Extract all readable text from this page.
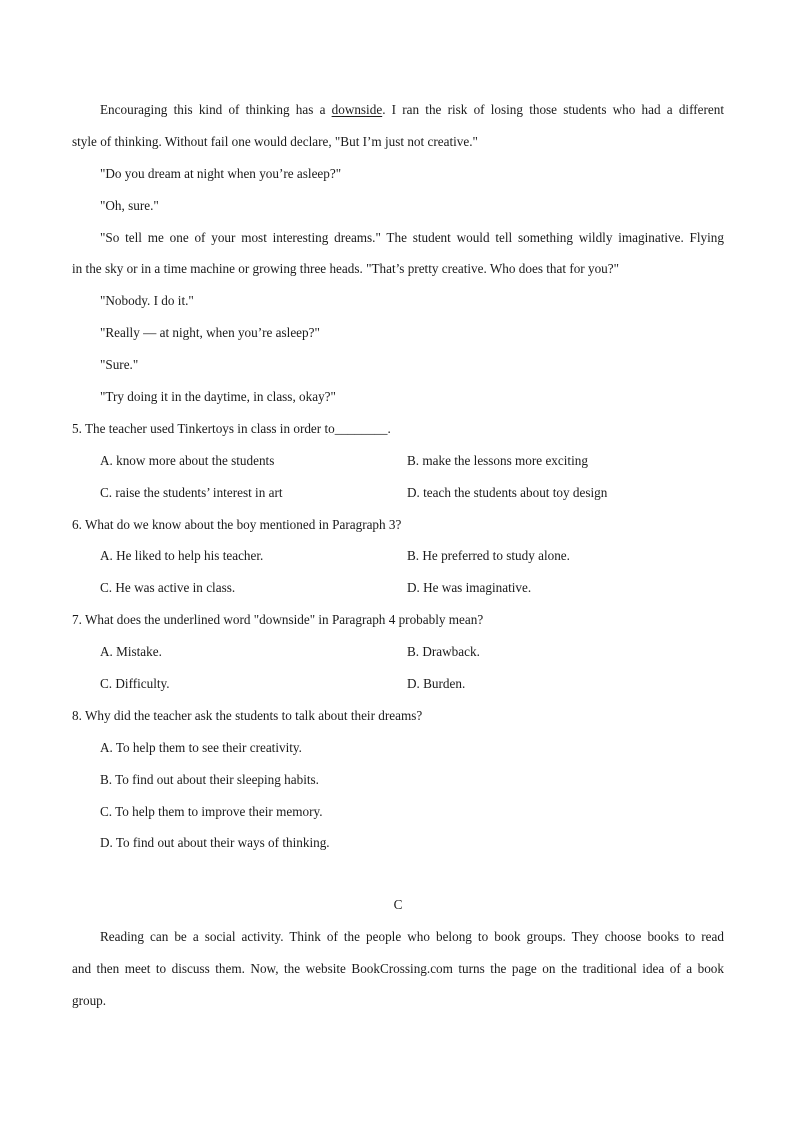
Encouraging this kind of thinking has a downside. I ran the risk of losing those students who had a different
style of thinking. Without fail one would declare, "But I’m just not creative."
"Do you dream at night when you’re asleep?"
"Oh, sure."
"So tell me one of your most interesting dreams." The student would tell something wildly imaginative. Flying
in the sky or in a time machine or growing three heads. "That’s pretty creative. Who does that for you?"
"Nobody. I do it."
"Really — at night, when you’re asleep?"
"Sure."
"Try doing it in the daytime, in class, okay?"
5. The teacher used Tinkertoys in class in order to________.
A. know more about the students	B. make the lessons more exciting
C. raise the students’ interest in art	D. teach the students about toy design
6. What do we know about the boy mentioned in Paragraph 3?
A. He liked to help his teacher.	B. He preferred to study alone.
C. He was active in class.	D. He was imaginative.
7. What does the underlined word "downside" in Paragraph 4 probably mean?
A. Mistake.	B. Drawback.
C. Difficulty.	D. Burden.
8. Why did the teacher ask the students to talk about their dreams?
A. To help them to see their creativity.
B. To find out about their sleeping habits.
C. To help them to improve their memory.
D. To find out about their ways of thinking.
C
Reading can be a social activity. Think of the people who belong to book groups. They choose books to read
and then meet to discuss them. Now, the website BookCrossing.com turns the page on the traditional idea of a book
group.
